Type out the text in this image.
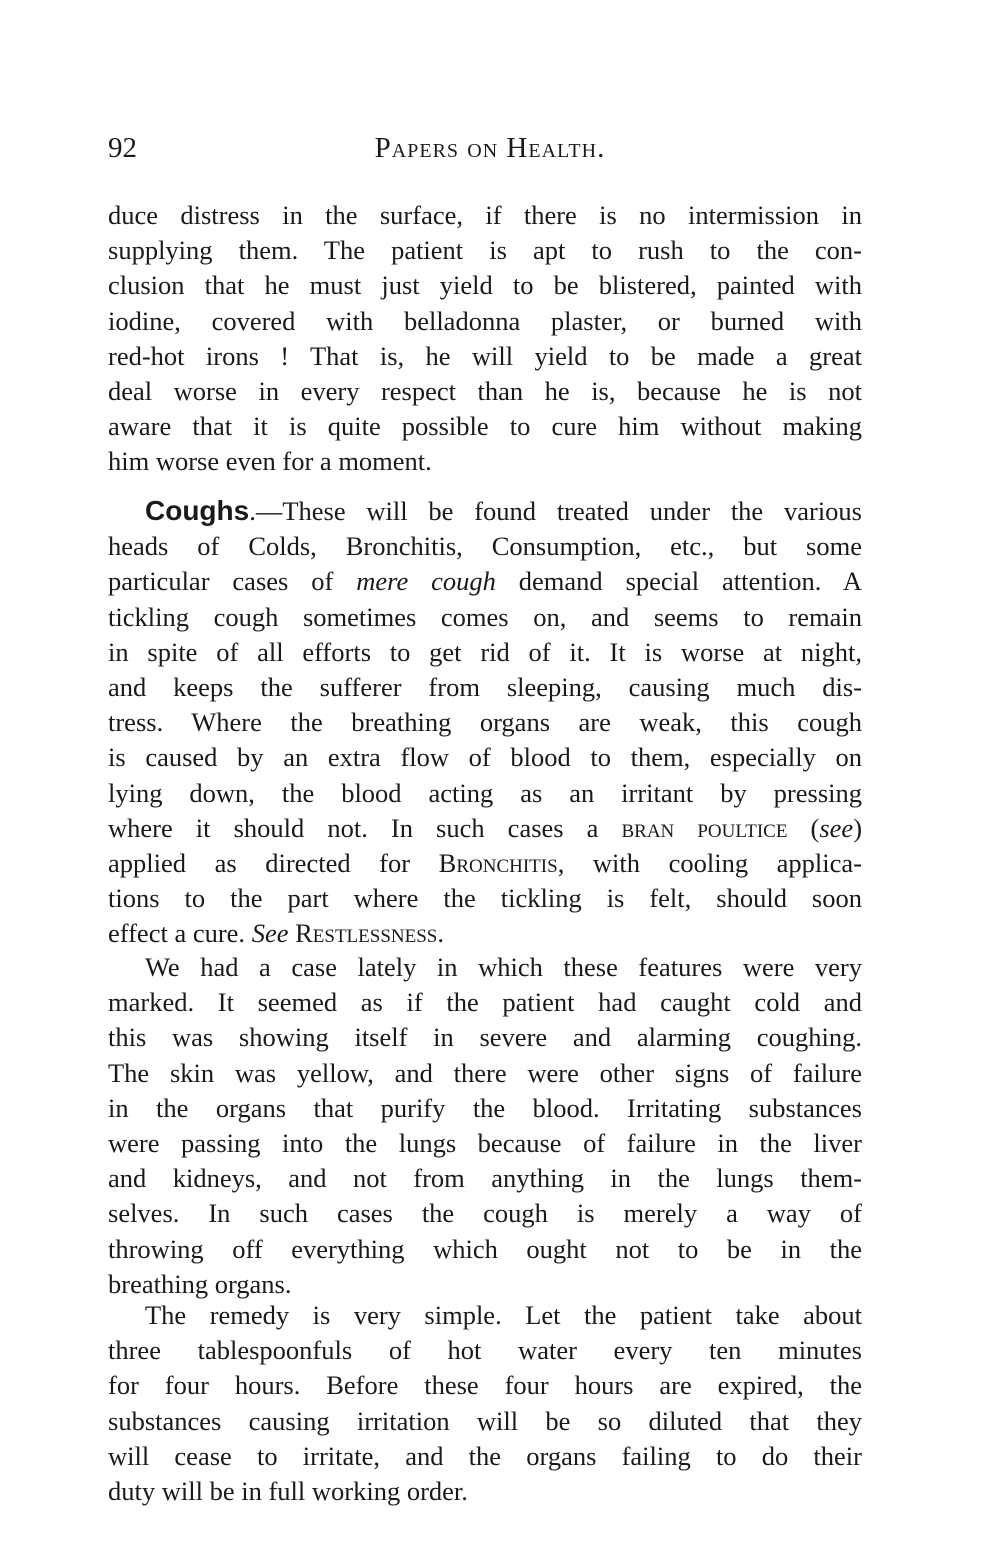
92	Papers on Health.
duce distress in the surface, if there is no intermission in
supplying them. The patient is apt to rush to the con-
clusion that he must just yield to be blistered, painted with
iodine, covered with belladonna plaster, or burned with
red-hot irons ! That is, he will yield to be made a great
deal worse in every respect than he is, because he is not
aware that it is quite possible to cure him without making
him worse even for a moment.
Coughs.—These will be found treated under the various
heads of Colds, Bronchitis, Consumption, etc., but some
particular cases of mere cough demand special attention. A
tickling cough sometimes comes on, and seems to remain
in spite of all efforts to get rid of it. It is worse at night,
and keeps the sufferer from sleeping, causing much dis-
tress. Where the breathing organs are weak, this cough
is caused by an extra flow of blood to them, especially on
lying down, the blood acting as an irritant by pressing
where it should not. In such cases a bran poultice (see)
applied as directed for Bronchitis, with cooling applica-
tions to the part where the tickling is felt, should soon
effect a cure. See Restlessness.
We had a case lately in which these features were very
marked. It seemed as if the patient had caught cold and
this was showing itself in severe and alarming coughing.
The skin was yellow, and there were other signs of failure
in the organs that purify the blood. Irritating substances
were passing into the lungs because of failure in the liver
and kidneys, and not from anything in the lungs them-
selves. In such cases the cough is merely a way of
throwing off everything which ought not to be in the
breathing organs.
The remedy is very simple. Let the patient take about
three tablespoonfuls of hot water every ten minutes
for four hours. Before these four hours are expired, the
substances causing irritation will be so diluted that they
will cease to irritate, and the organs failing to do their
duty will be in full working order.
